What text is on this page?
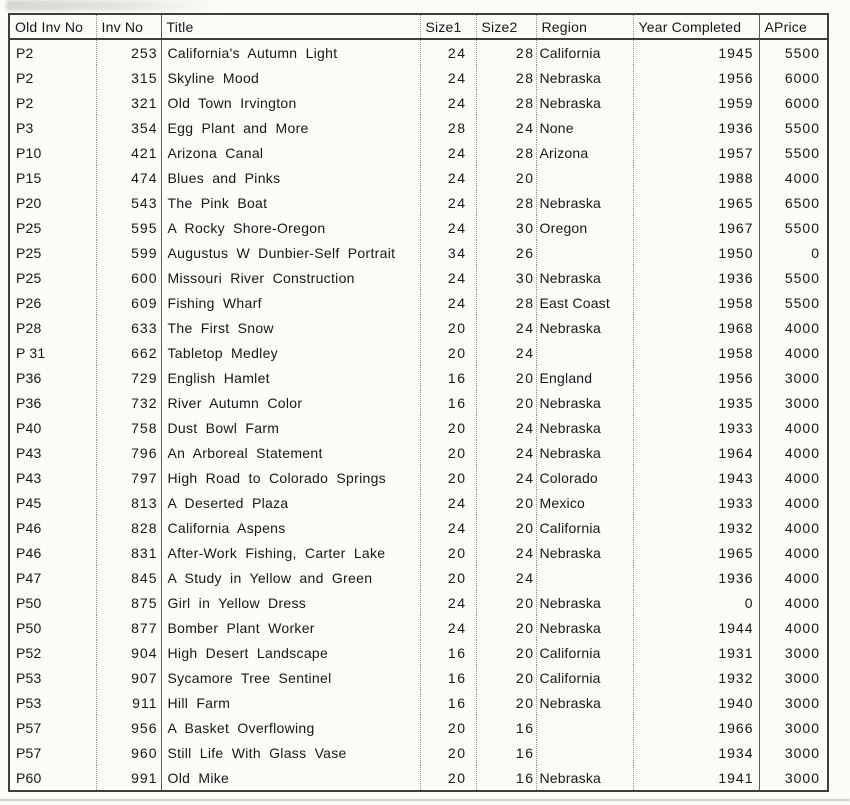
Old Inv No	Inv No	Title	Size1	Size2	Region	Year Completed	APrice
P2	253	California's Autumn Light	24	28	California	1945	5500
P2	315	Skyline Mood	24	28	Nebraska	1956	6000
P2	321	Old Town Irvington	24	28	Nebraska	1959	6000
P3	354	Egg Plant and More	28	24	None	1936	5500
P10	421	Arizona Canal	24	28	Arizona	1957	5500
P15	474	Blues and Pinks	24	20		1988	4000
P20	543	The Pink Boat	24	28	Nebraska	1965	6500
P25	595	A Rocky Shore-Oregon	24	30	Oregon	1967	5500
P25	599	Augustus W Dunbier-Self Portrait	34	26		1950	0
P25	600	Missouri River Construction	24	30	Nebraska	1936	5500
P26	609	Fishing Wharf	24	28	East Coast	1958	5500
P28	633	The First Snow	20	24	Nebraska	1968	4000
P 31	662	Tabletop Medley	20	24		1958	4000
P36	729	English Hamlet	16	20	England	1956	3000
P36	732	River Autumn Color	16	20	Nebraska	1935	3000
P40	758	Dust Bowl Farm	20	24	Nebraska	1933	4000
P43	796	An Arboreal Statement	20	24	Nebraska	1964	4000
P43	797	High Road to Colorado Springs	20	24	Colorado	1943	4000
P45	813	A Deserted Plaza	24	20	Mexico	1933	4000
P46	828	California Aspens	24	20	California	1932	4000
P46	831	After-Work Fishing, Carter Lake	20	24	Nebraska	1965	4000
P47	845	A Study in Yellow and Green	20	24		1936	4000
P50	875	Girl in Yellow Dress	24	20	Nebraska	0	4000
P50	877	Bomber Plant Worker	24	20	Nebraska	1944	4000
P52	904	High Desert Landscape	16	20	California	1931	3000
P53	907	Sycamore Tree Sentinel	16	20	California	1932	3000
P53	911	Hill Farm	16	20	Nebraska	1940	3000
P57	956	A Basket Overflowing	20	16		1966	3000
P57	960	Still Life With Glass Vase	20	16		1934	3000
P60	991	Old Mike	20	16	Nebraska	1941	3000
